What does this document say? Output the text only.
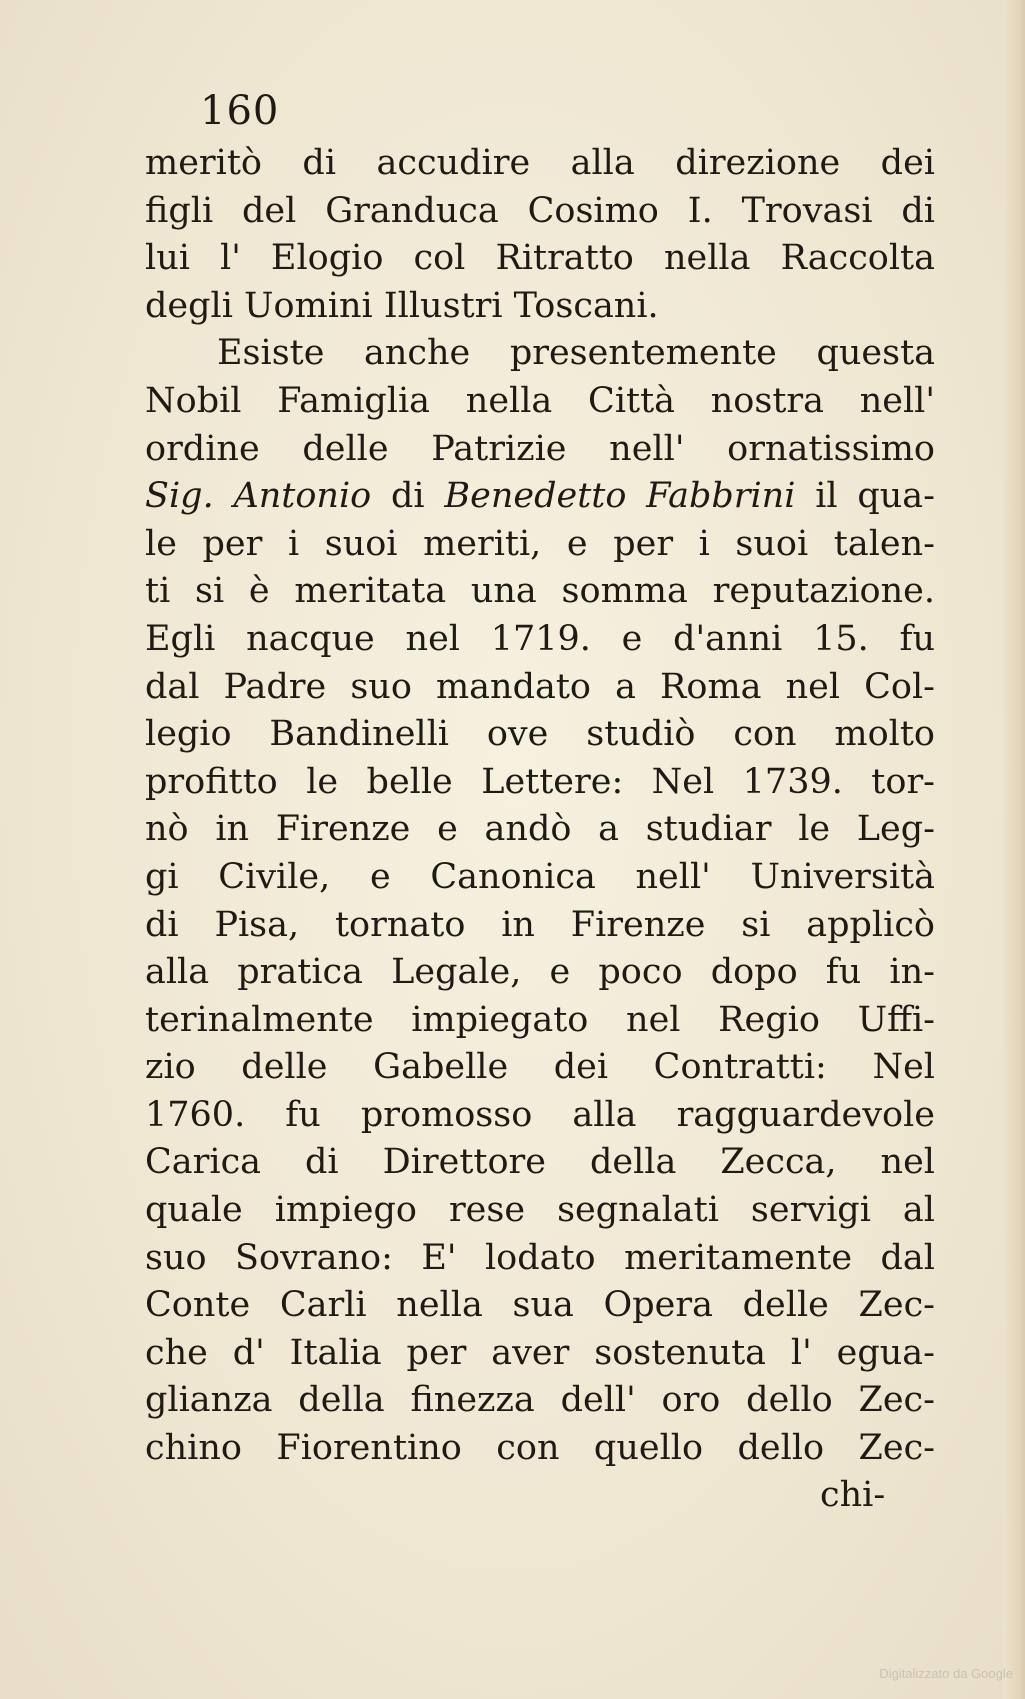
160
meritò di accudire alla direzione dei
figli del Granduca Cosimo I. Trovasi di
lui l' Elogio col Ritratto nella Raccolta
degli Uomini Illustri Toscani.
Esiste anche presentemente questa
Nobil Famiglia nella Città nostra nell'
ordine delle Patrizie nell' ornatissimo
Sig. Antonio di Benedetto Fabbrini il qua-
le per i suoi meriti, e per i suoi talen-
ti si è meritata una somma reputazione.
Egli nacque nel 1719. e d'anni 15. fu
dal Padre suo mandato a Roma nel Col-
legio Bandinelli ove studiò con molto
profitto le belle Lettere: Nel 1739. tor-
nò in Firenze e andò a studiar le Leg-
gi Civile, e Canonica nell' Università
di Pisa, tornato in Firenze si applicò
alla pratica Legale, e poco dopo fu in-
terinalmente impiegato nel Regio Uffi-
zio delle Gabelle dei Contratti: Nel
1760. fu promosso alla ragguardevole
Carica di Direttore della Zecca, nel
quale impiego rese segnalati servigi al
suo Sovrano: E' lodato meritamente dal
Conte Carli nella sua Opera delle Zec-
che d' Italia per aver sostenuta l' egua-
glianza della finezza dell' oro dello Zec-
chino Fiorentino con quello dello Zec-
chi-
Digitalizzato da Google
